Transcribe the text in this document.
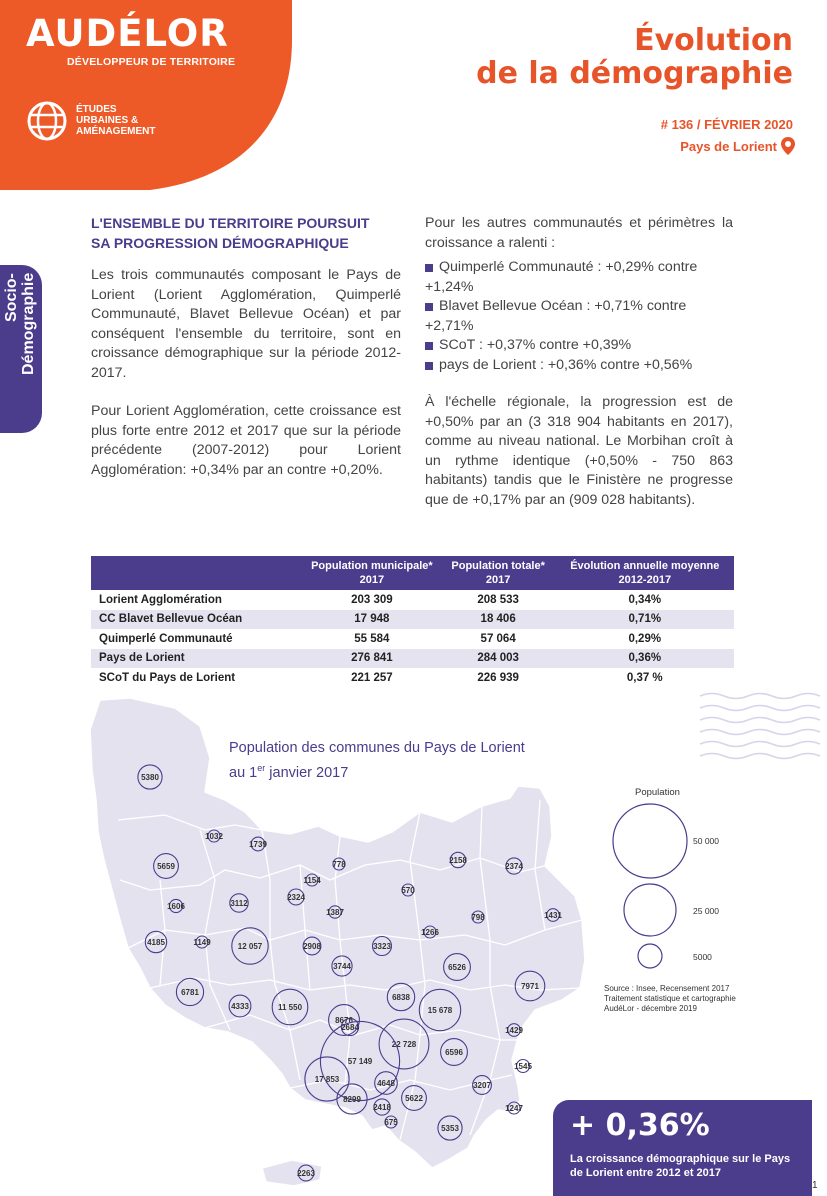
AUDÉLOR
DÉVELOPPEUR DE TERRITOIRE
ÉTUDES
URBAINES &
AMÉNAGEMENT
Évolution
de la démographie
# 136 / FÉVRIER 2020
Pays de Lorient
Socio-
Démographie
L'ENSEMBLE DU TERRITOIRE POURSUIT
SA PROGRESSION DÉMOGRAPHIQUE

Les trois communautés composant le Pays de Lorient (Lorient Agglomération, Quimperlé Communauté, Blavet Bellevue Océan) et par conséquent l'ensemble du territoire, sont en croissance démographique sur la période 2012-2017.

Pour Lorient Agglomération, cette croissance est plus forte entre 2012 et 2017 que sur la période précédente (2007-2012) pour Lorient Agglomération: +0,34% par an contre +0,20%.

Pour les autres communautés et périmètres la croissance a ralenti :

Quimperlé Communauté : +0,29% contre +1,24%
Blavet Bellevue Océan : +0,71% contre +2,71%
SCoT : +0,37% contre +0,39%
pays de Lorient : +0,36% contre +0,56%

À l'échelle régionale, la progression est de +0,50% par an (3 318 904 habitants en 2017), comme au niveau national. Le Morbihan croît à un rythme identique (+0,50% - 750 863 habitants) tandis que le Finistère ne progresse que de +0,17% par an (909 028 habitants).

	Population municipale* 2017	Population totale* 2017	Évolution annuelle moyenne 2012-2017
Lorient Agglomération	203 309	208 533	0,34%
CC Blavet Bellevue Océan	17 948	18 406	0,71%
Quimperlé Communauté	55 584	57 064	0,29%
Pays de Lorient	276 841	284 003	0,36%
SCoT du Pays de Lorient	221 257	226 939	0,37 %
5380
1032
1739
5659	778	2158
2374
1154
570
1606	3112
2324
1387
798	1431
4185	1149	12 057	2908	3323
1266
3744	6526
6781
7971
4333	11 550
2684
6838
15 678
8676
1429
22 728
6596
57 149
1545
17 853	4648	3207
8299	5622
2418	1247
675
5353
2263
Population des communes du Pays de Lorient
au 1er janvier 2017
Population
50 000
25 000
5000
Source : Insee, Recensement 2017
Traitement statistique et cartographie
AudéLor - décembre 2019
+ 0,36%
La croissance démographique sur le Pays de Lorient entre 2012 et 2017
1
